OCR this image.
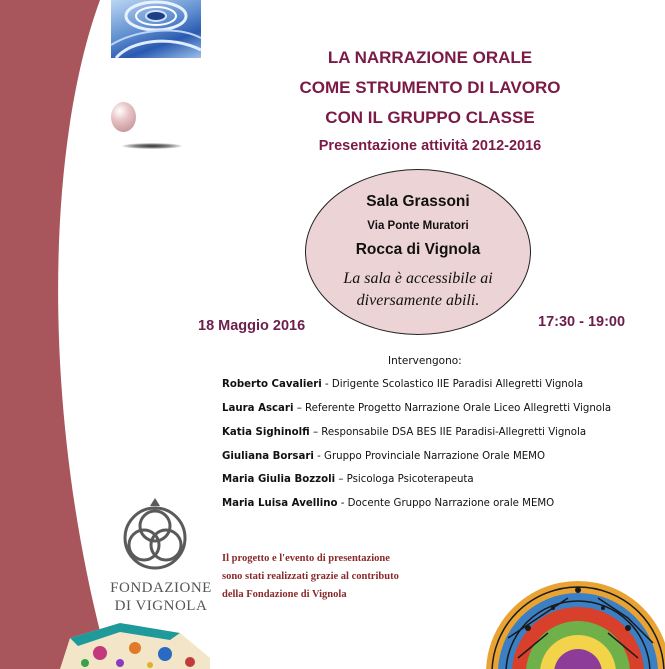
LA NARRAZIONE ORALE
COME STRUMENTO DI LAVORO
CON IL GRUPPO CLASSE
Presentazione attività 2012-2016
Sala Grassoni
Via Ponte Muratori
Rocca di Vignola
La sala è accessibile ai
diversamente abili.
18 Maggio 2016	17:30 - 19:00
Intervengono:
Roberto Cavalieri - Dirigente Scolastico IIE Paradisi Allegretti Vignola
Laura Ascari – Referente Progetto Narrazione Orale Liceo Allegretti Vignola
Katia Sighinolfi – Responsabile DSA BES IIE Paradisi-Allegretti Vignola
Giuliana Borsari - Gruppo Provinciale Narrazione Orale MEMO
Maria Giulia Bozzoli – Psicologa Psicoterapeuta
Maria Luisa Avellino - Docente Gruppo Narrazione orale MEMO
FONDAZIONE
DI VIGNOLA
Il progetto e l'evento di presentazione
sono stati realizzati grazie al contributo
della Fondazione di Vignola
